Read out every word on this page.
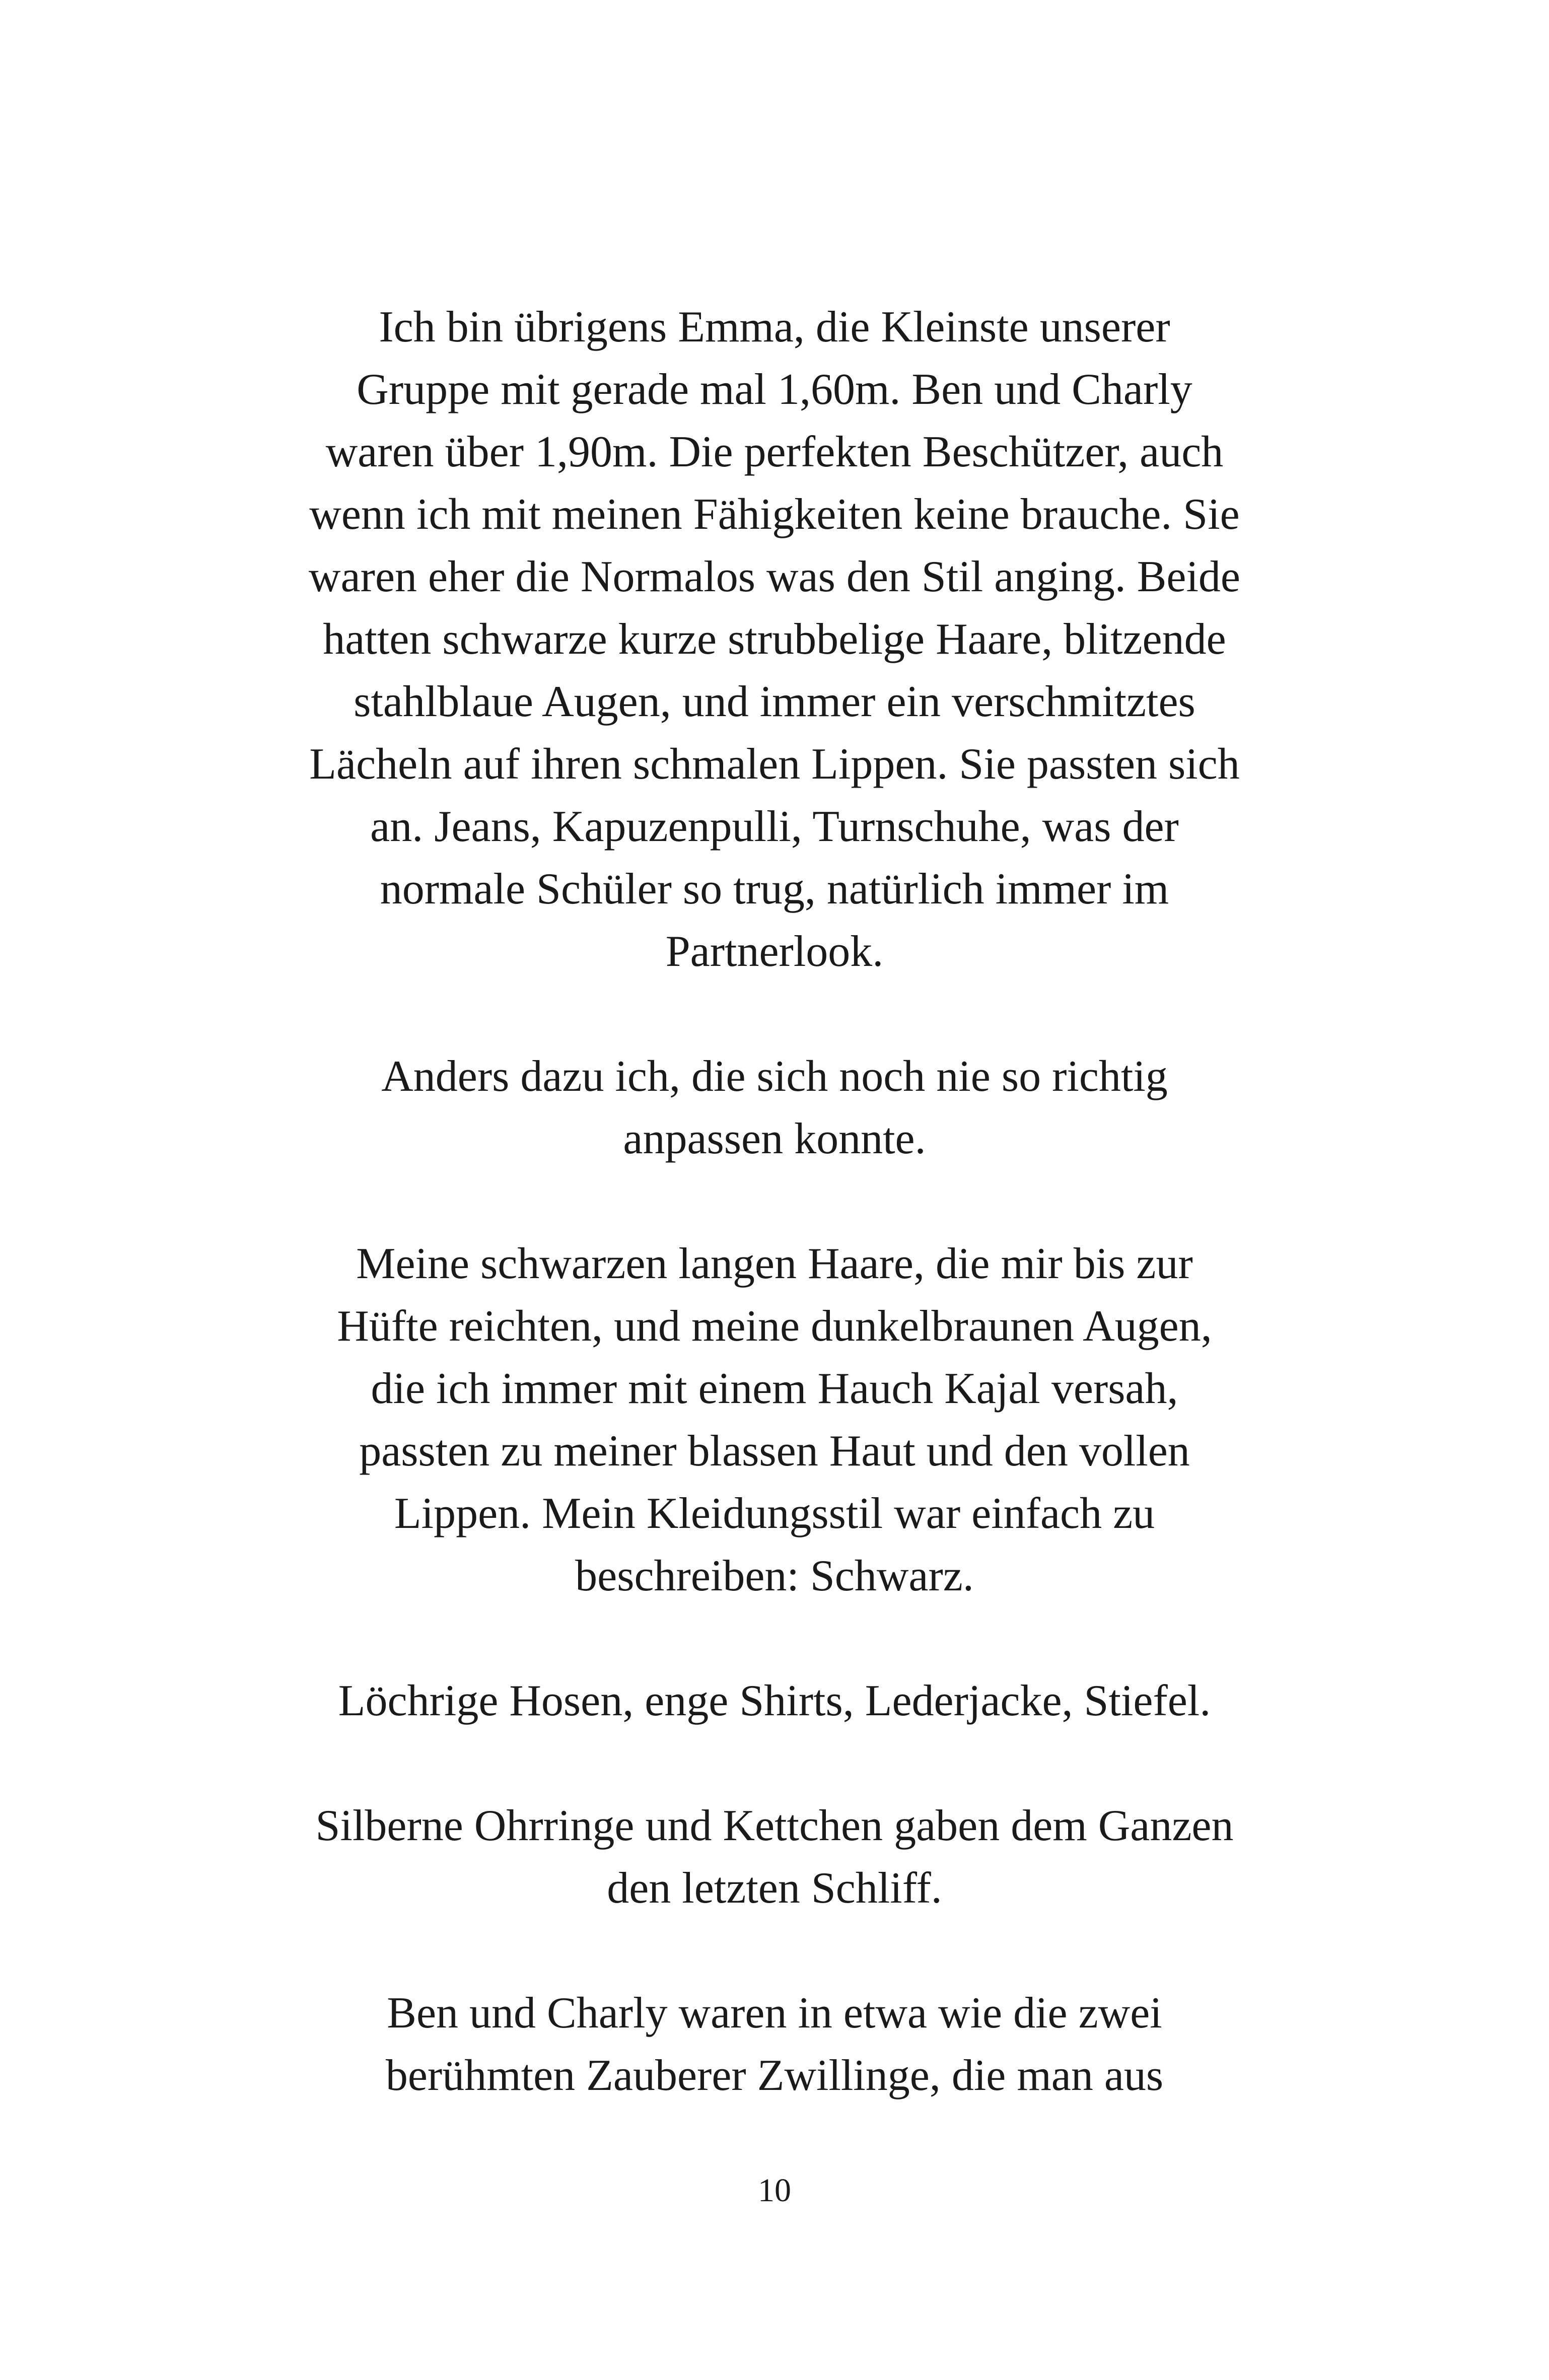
Ich bin übrigens Emma, die Kleinste unserer
Gruppe mit gerade mal 1,60m. Ben und Charly
waren über 1,90m. Die perfekten Beschützer, auch
wenn ich mit meinen Fähigkeiten keine brauche. Sie
waren eher die Normalos was den Stil anging. Beide
hatten schwarze kurze strubbelige Haare, blitzende
stahlblaue Augen, und immer ein verschmitztes
Lächeln auf ihren schmalen Lippen. Sie passten sich
an. Jeans, Kapuzenpulli, Turnschuhe, was der
normale Schüler so trug, natürlich immer im
Partnerlook.

Anders dazu ich, die sich noch nie so richtig
anpassen konnte.

Meine schwarzen langen Haare, die mir bis zur
Hüfte reichten, und meine dunkelbraunen Augen,
die ich immer mit einem Hauch Kajal versah,
passten zu meiner blassen Haut und den vollen
Lippen. Mein Kleidungsstil war einfach zu
beschreiben: Schwarz.

Löchrige Hosen, enge Shirts, Lederjacke, Stiefel.

Silberne Ohrringe und Kettchen gaben dem Ganzen
den letzten Schliff.

Ben und Charly waren in etwa wie die zwei
berühmten Zauberer Zwillinge, die man aus

10
